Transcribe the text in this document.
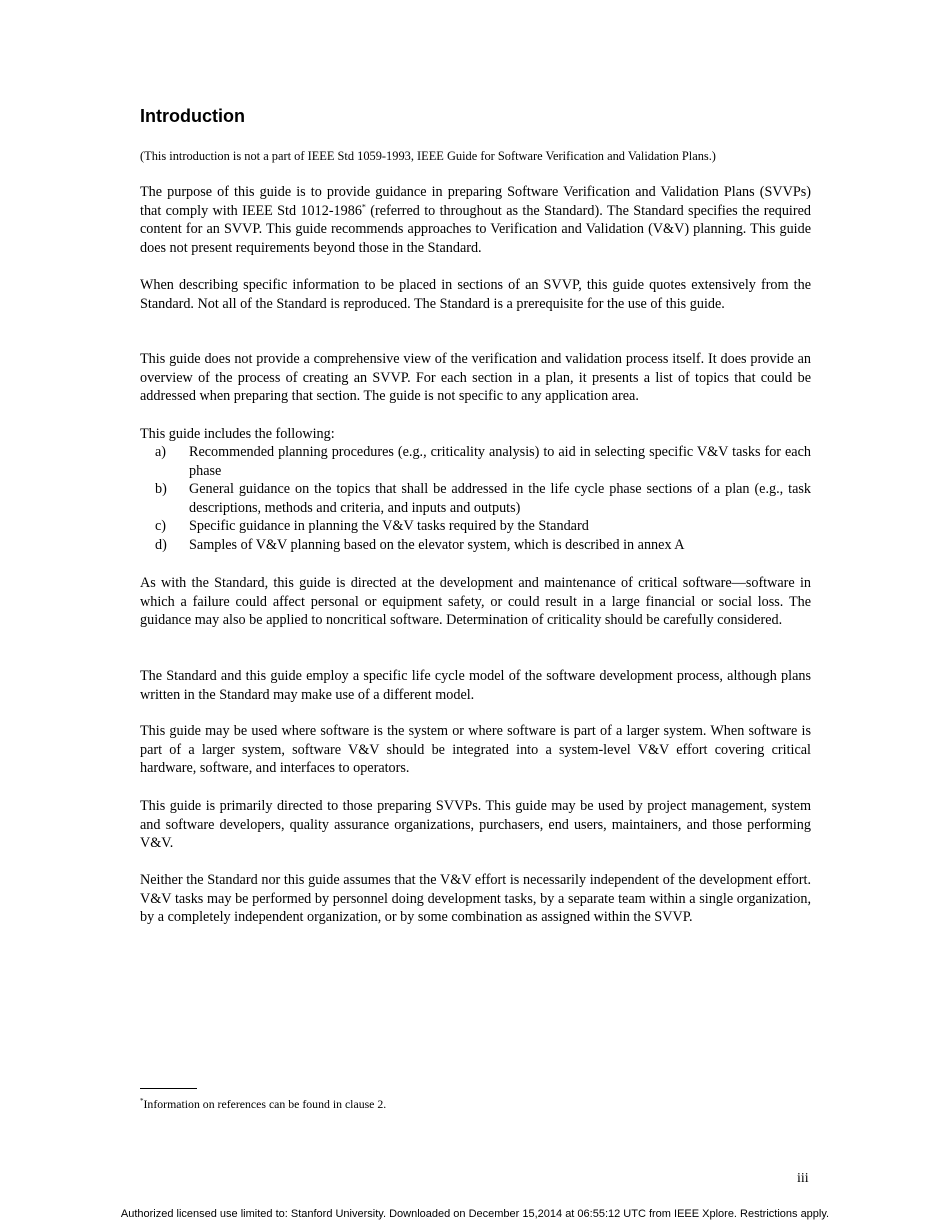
Introduction

(This introduction is not a part of IEEE Std 1059-1993, IEEE Guide for Software Verification and Validation Plans.)

The purpose of this guide is to provide guidance in preparing Software Verification and Validation Plans (SVVPs) that comply with IEEE Std 1012-1986* (referred to throughout as the Standard). The Standard specifies the required content for an SVVP. This guide recommends approaches to Verification and Validation (V&V) planning. This guide does not present requirements beyond those in the Standard.

When describing specific information to be placed in sections of an SVVP, this guide quotes extensively from the Standard. Not all of the Standard is reproduced. The Standard is a prerequisite for the use of this guide.

This guide does not provide a comprehensive view of the verification and validation process itself. It does provide an overview of the process of creating an SVVP. For each section in a plan, it presents a list of topics that could be addressed when preparing that section. The guide is not specific to any application area.

This guide includes the following:

a) Recommended planning procedures (e.g., criticality analysis) to aid in selecting specific V&V tasks for each phase
b) General guidance on the topics that shall be addressed in the life cycle phase sections of a plan (e.g., task descriptions, methods and criteria, and inputs and outputs)
c) Specific guidance in planning the V&V tasks required by the Standard
d) Samples of V&V planning based on the elevator system, which is described in annex A

As with the Standard, this guide is directed at the development and maintenance of critical software—software in which a failure could affect personal or equipment safety, or could result in a large financial or social loss. The guidance may also be applied to noncritical software. Determination of criticality should be carefully considered.

The Standard and this guide employ a specific life cycle model of the software development process, although plans written in the Standard may make use of a different model.

This guide may be used where software is the system or where software is part of a larger system. When software is part of a larger system, software V&V should be integrated into a system-level V&V effort covering critical hardware, software, and interfaces to operators.

This guide is primarily directed to those preparing SVVPs. This guide may be used by project management, system and software developers, quality assurance organizations, purchasers, end users, maintainers, and those performing V&V.

Neither the Standard nor this guide assumes that the V&V effort is necessarily independent of the development effort. V&V tasks may be performed by personnel doing development tasks, by a separate team within a single organization, by a completely independent organization, or by some combination as assigned within the SVVP.

*Information on references can be found in clause 2.

iii

Authorized licensed use limited to: Stanford University. Downloaded on December 15,2014 at 06:55:12 UTC from IEEE Xplore. Restrictions apply.
